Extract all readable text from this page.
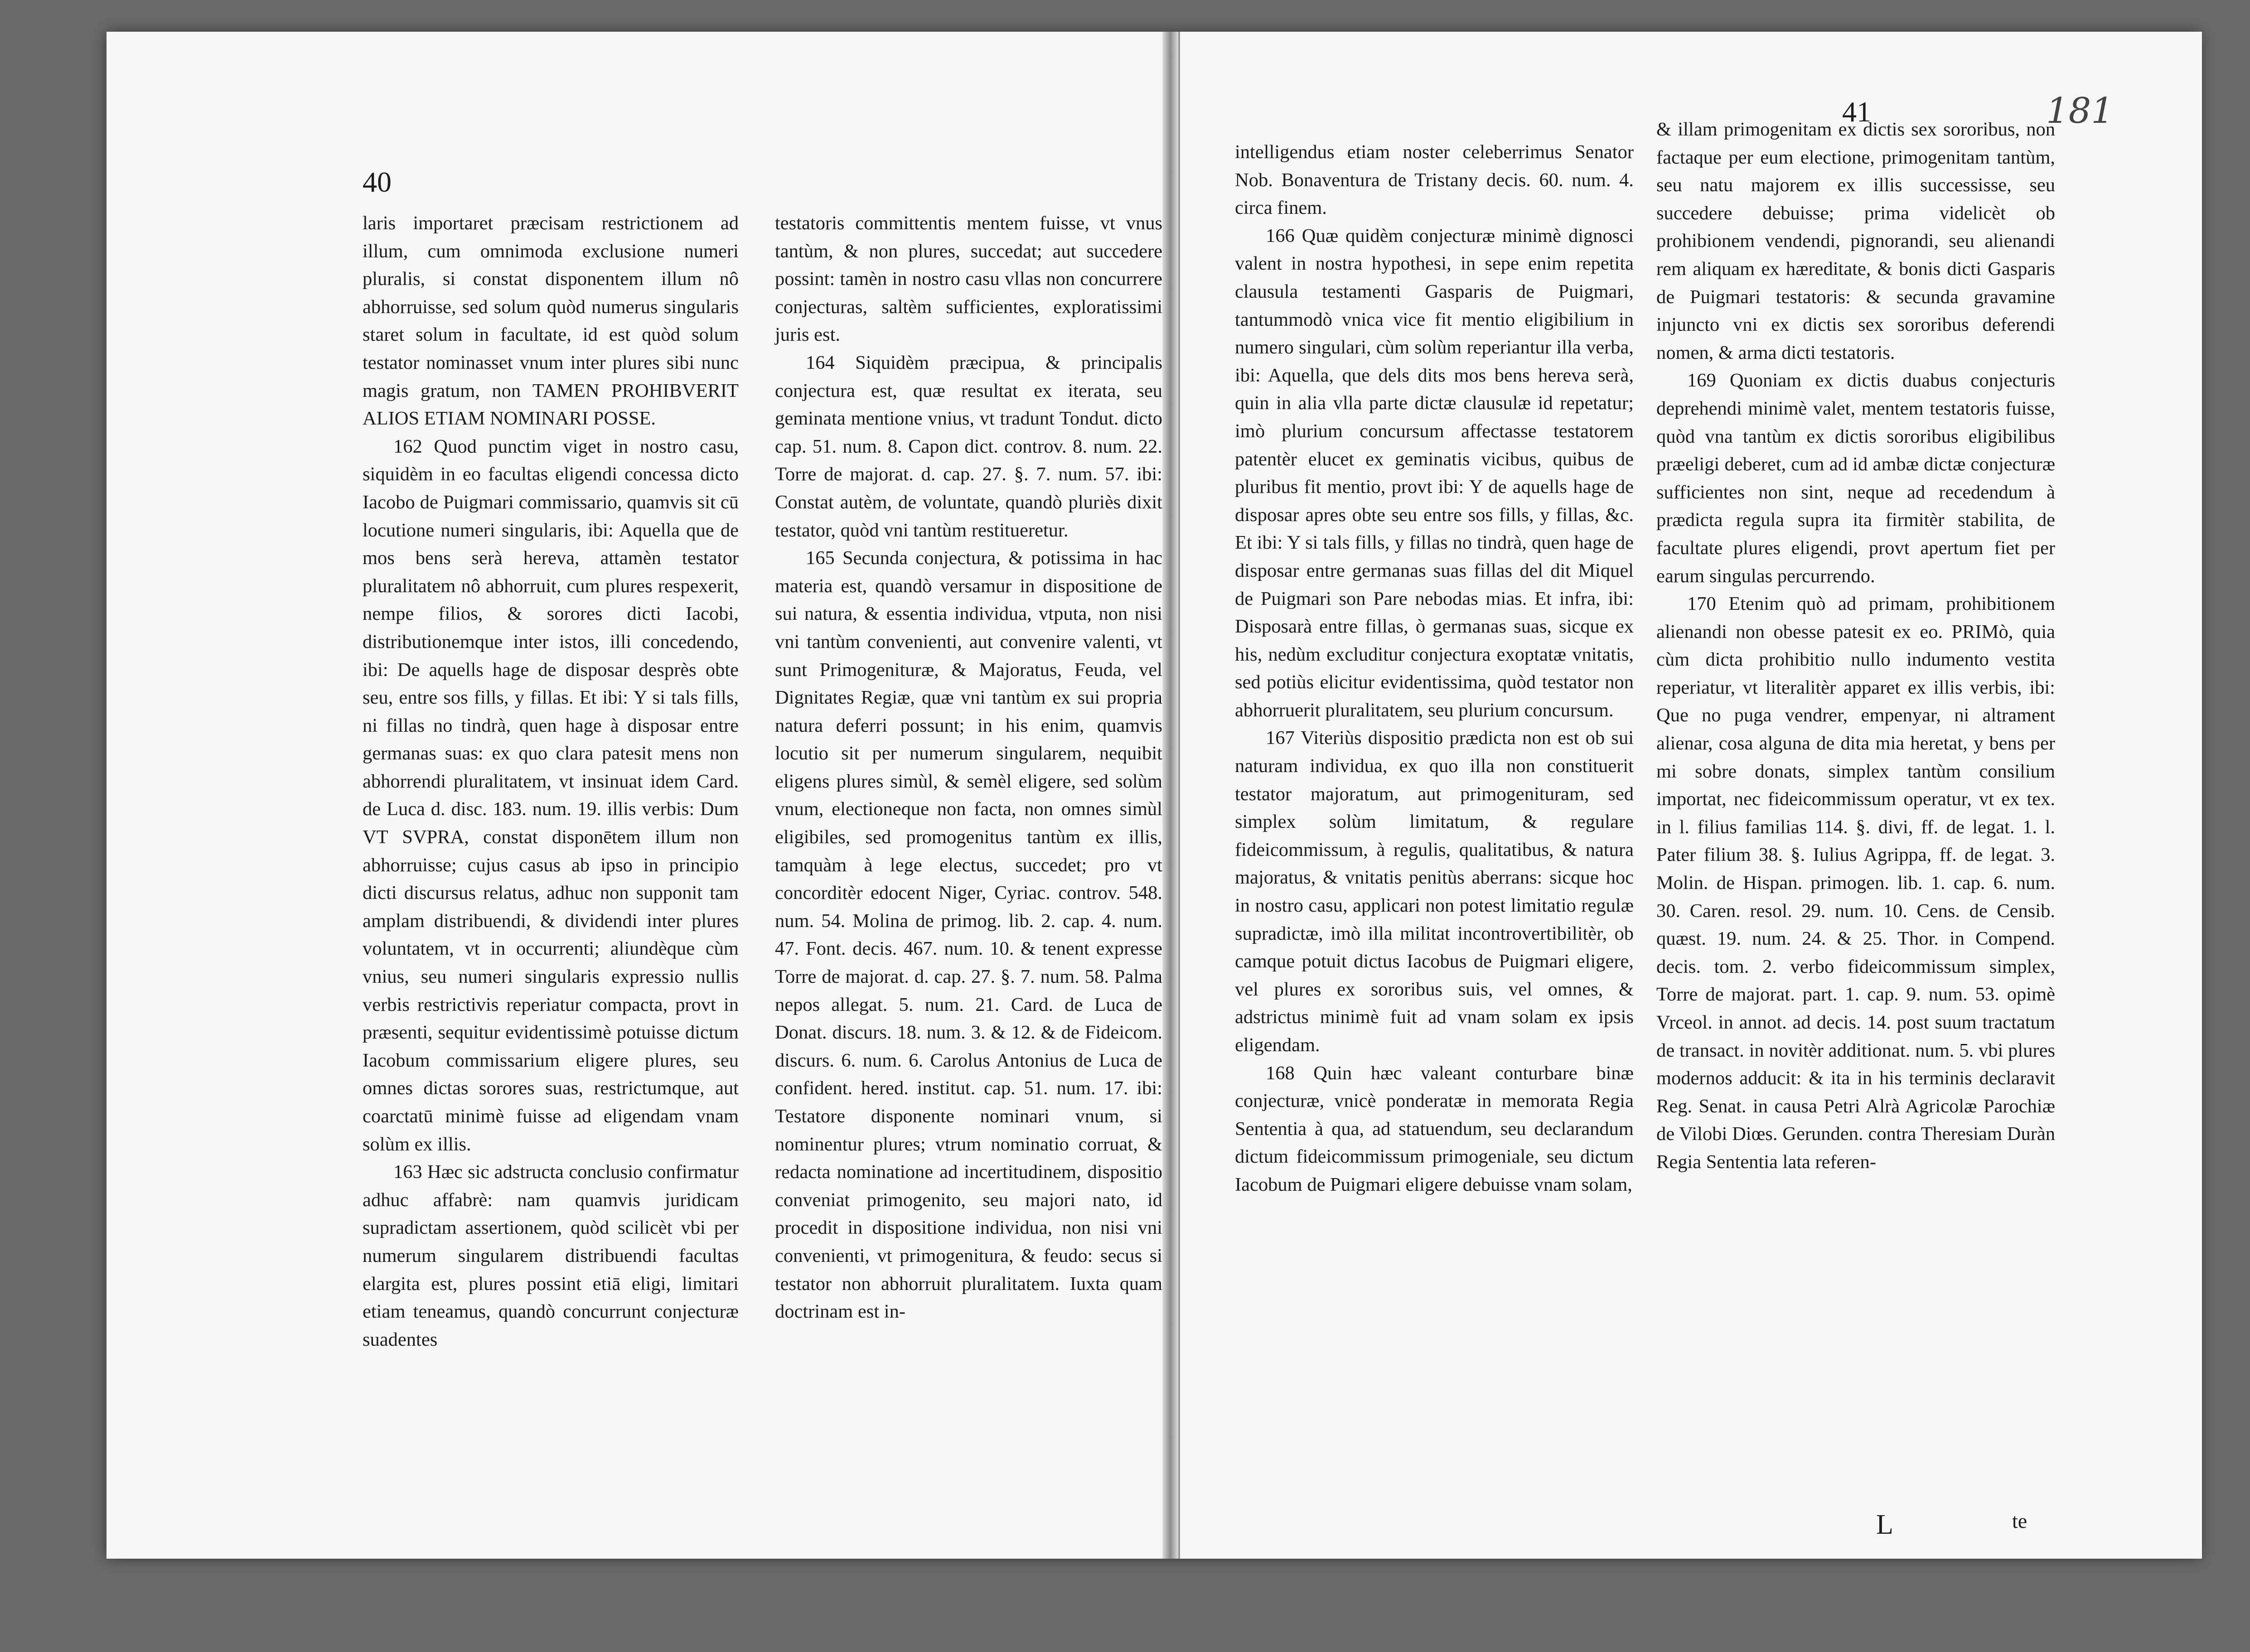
40

laris importaret præcisam restrictionem ad illum, cum omnimoda exclusione numeri pluralis, si constat disponentem illum nô abhorruisse, sed solum quòd numerus singularis staret solum in facultate, id est quòd solum testator nominasset vnum inter plures sibi nunc magis gratum, non TAMEN PROHIBVERIT ALIOS ETIAM NOMINARI POSSE.

162 Quod punctim viget in nostro casu, siquidèm in eo facultas eligendi concessa dicto Iacobo de Puigmari commissario, quamvis sit cū locutione numeri singularis, ibi: Aquella que de mos bens serà hereva, attamèn testator pluralitatem nô abhorruit, cum plures respexerit, nempe filios, & sorores dicti Iacobi, distributionemque inter istos, illi concedendo, ibi: De aquells hage de disposar desprès obte seu, entre sos fills, y fillas. Et ibi: Y si tals fills, ni fillas no tindrà, quen hage à disposar entre germanas suas: ex quo clara patesit mens non abhorrendi pluralitatem, vt insinuat idem Card. de Luca d. disc. 183. num. 19. illis verbis: Dum VT SVPRA, constat disponētem illum non abhorruisse; cujus casus ab ipso in principio dicti discursus relatus, adhuc non supponit tam amplam distribuendi, & dividendi inter plures voluntatem, vt in occurrenti; aliundèque cùm vnius, seu numeri singularis expressio nullis verbis restrictivis reperiatur compacta, provt in præsenti, sequitur evidentissimè potuisse dictum Iacobum commissarium eligere plures, seu omnes dictas sorores suas, restrictumque, aut coarctatū minimè fuisse ad eligendam vnam solùm ex illis.

163 Hæc sic adstructa conclusio confirmatur adhuc affabrè: nam quamvis juridicam supradictam assertionem, quòd scilicèt vbi per numerum singularem distribuendi facultas elargita est, plures possint etiā eligi, limitari etiam teneamus, quandò concurrunt conjecturæ suadentes

testatoris committentis mentem fuisse, vt vnus tantùm, & non plures, succedat; aut succedere possint: tamèn in nostro casu vllas non concurrere conjecturas, saltèm sufficientes, exploratissimi juris est.

164 Siquidèm præcipua, & principalis conjectura est, quæ resultat ex iterata, seu geminata mentione vnius, vt tradunt Tondut. dicto cap. 51. num. 8. Capon dict. controv. 8. num. 22. Torre de majorat. d. cap. 27. §. 7. num. 57. ibi: Constat autèm, de voluntate, quandò pluriès dixit testator, quòd vni tantùm restitueretur.

165 Secunda conjectura, & potissima in hac materia est, quandò versamur in dispositione de sui natura, & essentia individua, vtputa, non nisi vni tantùm convenienti, aut convenire valenti, vt sunt Primogenituræ, & Majoratus, Feuda, vel Dignitates Regiæ, quæ vni tantùm ex sui propria natura deferri possunt; in his enim, quamvis locutio sit per numerum singularem, nequibit eligens plures simùl, & semèl eligere, sed solùm vnum, electioneque non facta, non omnes simùl eligibiles, sed promogenitus tantùm ex illis, tamquàm à lege electus, succedet; pro vt concorditèr edocent Niger, Cyriac. controv. 548. num. 54. Molina de primog. lib. 2. cap. 4. num. 47. Font. decis. 467. num. 10. & tenent expresse Torre de majorat. d. cap. 27. §. 7. num. 58. Palma nepos allegat. 5. num. 21. Card. de Luca de Donat. discurs. 18. num. 3. & 12. & de Fideicom. discurs. 6. num. 6. Carolus Antonius de Luca de confident. hered. institut. cap. 51. num. 17. ibi: Testatore disponente nominari vnum, si nominentur plures; vtrum nominatio corruat, & redacta nominatione ad incertitudinem, dispositio conveniat primogenito, seu majori nato, id procedit in dispositione individua, non nisi vni convenienti, vt primogenitura, & feudo: secus si testator non abhorruit pluralitatem. Iuxta quam doctrinam est in-

41	181

intelligendus etiam noster celeberrimus Senator Nob. Bonaventura de Tristany decis. 60. num. 4. circa finem.

166 Quæ quidèm conjecturæ minimè dignosci valent in nostra hypothesi, in sepe enim repetita clausula testamenti Gasparis de Puigmari, tantummodò vnica vice fit mentio eligibilium in numero singulari, cùm solùm reperiantur illa verba, ibi: Aquella, que dels dits mos bens hereva serà, quin in alia vlla parte dictæ clausulæ id repetatur; imò plurium concursum affectasse testatorem patentèr elucet ex geminatis vicibus, quibus de pluribus fit mentio, provt ibi: Y de aquells hage de disposar apres obte seu entre sos fills, y fillas, &c. Et ibi: Y si tals fills, y fillas no tindrà, quen hage de disposar entre germanas suas fillas del dit Miquel de Puigmari son Pare nebodas mias. Et infra, ibi: Disposarà entre fillas, ò germanas suas, sicque ex his, nedùm excluditur conjectura exoptatæ vnitatis, sed potiùs elicitur evidentissima, quòd testator non abhorruerit pluralitatem, seu plurium concursum.

167 Viteriùs dispositio prædicta non est ob sui naturam individua, ex quo illa non constituerit testator majoratum, aut primogenituram, sed simplex solùm limitatum, & regulare fideicommissum, à regulis, qualitatibus, & natura majoratus, & vnitatis penitùs aberrans: sicque hoc in nostro casu, applicari non potest limitatio regulæ supradictæ, imò illa militat incontrovertibilitèr, ob camque potuit dictus Iacobus de Puigmari eligere, vel plures ex sororibus suis, vel omnes, & adstrictus minimè fuit ad vnam solam ex ipsis eligendam.

168 Quin hæc valeant conturbare binæ conjecturæ, vnicè ponderatæ in memorata Regia Sententia à qua, ad statuendum, seu declarandum dictum fideicommissum primogeniale, seu dictum Iacobum de Puigmari eligere debuisse vnam solam,

& illam primogenitam ex dictis sex sororibus, non factaque per eum electione, primogenitam tantùm, seu natu majorem ex illis successisse, seu succedere debuisse; prima videlicèt ob prohibionem vendendi, pignorandi, seu alienandi rem aliquam ex hæreditate, & bonis dicti Gasparis de Puigmari testatoris: & secunda gravamine injuncto vni ex dictis sex sororibus deferendi nomen, & arma dicti testatoris.

169 Quoniam ex dictis duabus conjecturis deprehendi minimè valet, mentem testatoris fuisse, quòd vna tantùm ex dictis sororibus eligibilibus præeligi deberet, cum ad id ambæ dictæ conjecturæ sufficientes non sint, neque ad recedendum à prædicta regula supra ita firmitèr stabilita, de facultate plures eligendi, provt apertum fiet per earum singulas percurrendo.

170 Etenim quò ad primam, prohibitionem alienandi non obesse patesit ex eo. PRIMò, quia cùm dicta prohibitio nullo indumento vestita reperiatur, vt literalitèr apparet ex illis verbis, ibi: Que no puga vendrer, empenyar, ni altrament alienar, cosa alguna de dita mia heretat, y bens per mi sobre donats, simplex tantùm consilium importat, nec fideicommissum operatur, vt ex tex. in l. filius familias 114. §. divi, ff. de legat. 1. l. Pater filium 38. §. Iulius Agrippa, ff. de legat. 3. Molin. de Hispan. primogen. lib. 1. cap. 6. num. 30. Caren. resol. 29. num. 10. Cens. de Censib. quæst. 19. num. 24. & 25. Thor. in Compend. decis. tom. 2. verbo fideicommissum simplex, Torre de majorat. part. 1. cap. 9. num. 53. opimè Vrceol. in annot. ad decis. 14. post suum tractatum de transact. in novitèr additionat. num. 5. vbi plures modernos adducit: & ita in his terminis declaravit Reg. Senat. in causa Petri Alrà Agricolæ Parochiæ de Vilobi Diœs. Gerunden. contra Theresiam Duràn Regia Sententia lata referen-

L	te
